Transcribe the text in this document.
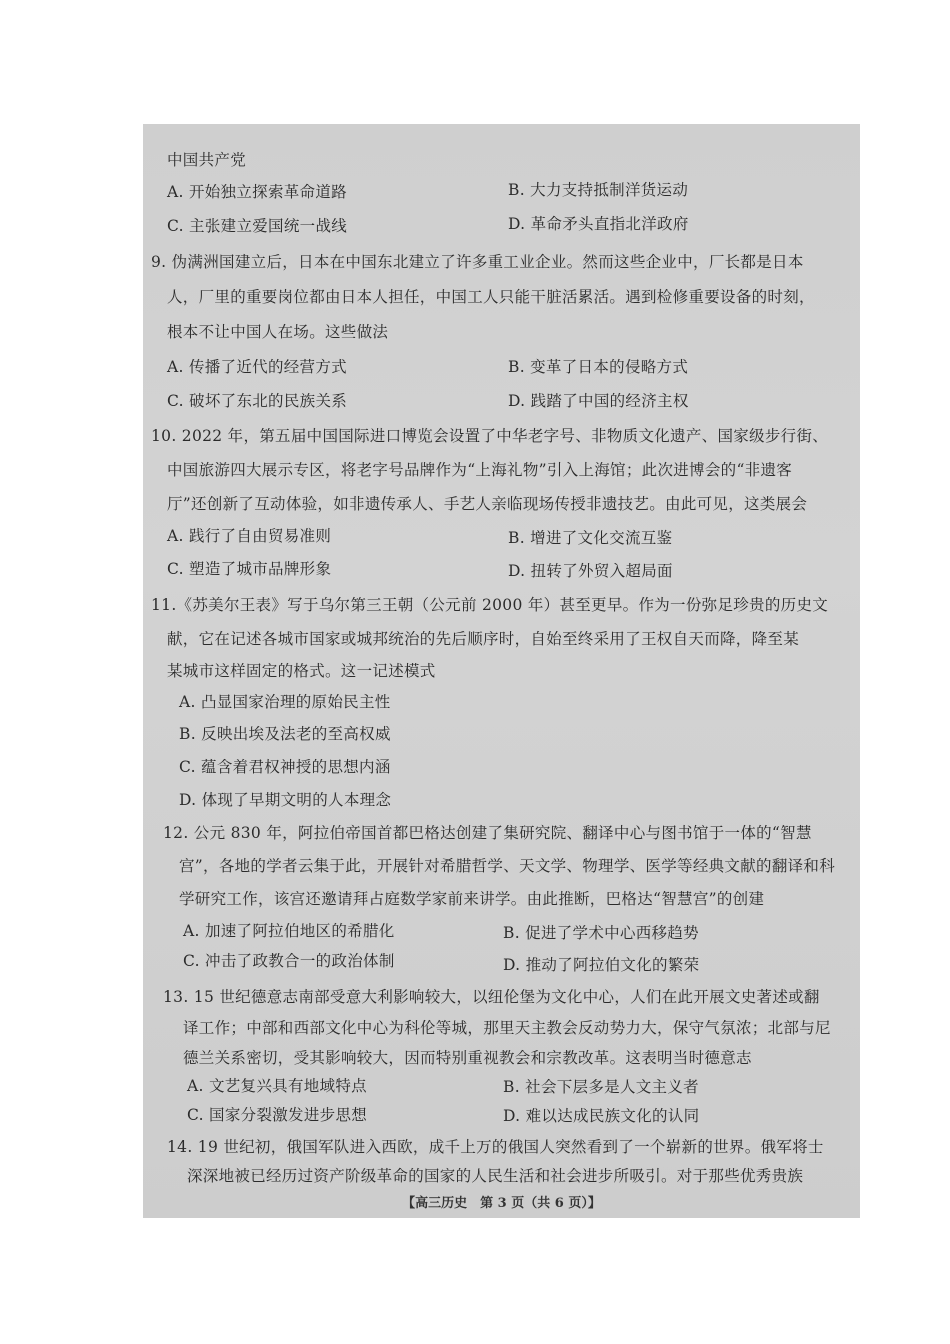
中国共产党
A. 开始独立探索革命道路	B. 大力支持抵制洋货运动
C. 主张建立爱国统一战线	D. 革命矛头直指北洋政府
9. 伪满洲国建立后，日本在中国东北建立了许多重工业企业。然而这些企业中，厂长都是日本
人，厂里的重要岗位都由日本人担任，中国工人只能干脏活累活。遇到检修重要设备的时刻，
根本不让中国人在场。这些做法
A. 传播了近代的经营方式	B. 变革了日本的侵略方式
C. 破坏了东北的民族关系	D. 践踏了中国的经济主权
10. 2022 年，第五届中国国际进口博览会设置了中华老字号、非物质文化遗产、国家级步行街、
中国旅游四大展示专区，将老字号品牌作为“上海礼物”引入上海馆；此次进博会的“非遗客
厅”还创新了互动体验，如非遗传承人、手艺人亲临现场传授非遗技艺。由此可见，这类展会
A. 践行了自由贸易准则	B. 增进了文化交流互鉴
C. 塑造了城市品牌形象	D. 扭转了外贸入超局面
11.《苏美尔王表》写于乌尔第三王朝（公元前 2000 年）甚至更早。作为一份弥足珍贵的历史文
献，它在记述各城市国家或城邦统治的先后顺序时，自始至终采用了王权自天而降，降至某
某城市这样固定的格式。这一记述模式
A. 凸显国家治理的原始民主性
B. 反映出埃及法老的至高权威
C. 蕴含着君权神授的思想内涵
D. 体现了早期文明的人本理念
12. 公元 830 年，阿拉伯帝国首都巴格达创建了集研究院、翻译中心与图书馆于一体的“智慧
宫”，各地的学者云集于此，开展针对希腊哲学、天文学、物理学、医学等经典文献的翻译和科
学研究工作，该宫还邀请拜占庭数学家前来讲学。由此推断，巴格达“智慧宫”的创建
A. 加速了阿拉伯地区的希腊化	B. 促进了学术中心西移趋势
C. 冲击了政教合一的政治体制	D. 推动了阿拉伯文化的繁荣
13. 15 世纪德意志南部受意大利影响较大，以纽伦堡为文化中心，人们在此开展文史著述或翻
译工作；中部和西部文化中心为科伦等城，那里天主教会反动势力大，保守气氛浓；北部与尼
德兰关系密切，受其影响较大，因而特别重视教会和宗教改革。这表明当时德意志
A. 文艺复兴具有地域特点	B. 社会下层多是人文主义者
C. 国家分裂激发进步思想	D. 难以达成民族文化的认同
14. 19 世纪初，俄国军队进入西欧，成千上万的俄国人突然看到了一个崭新的世界。俄军将士
深深地被已经历过资产阶级革命的国家的人民生活和社会进步所吸引。对于那些优秀贵族
【高三历史　第 3 页（共 6 页）】
